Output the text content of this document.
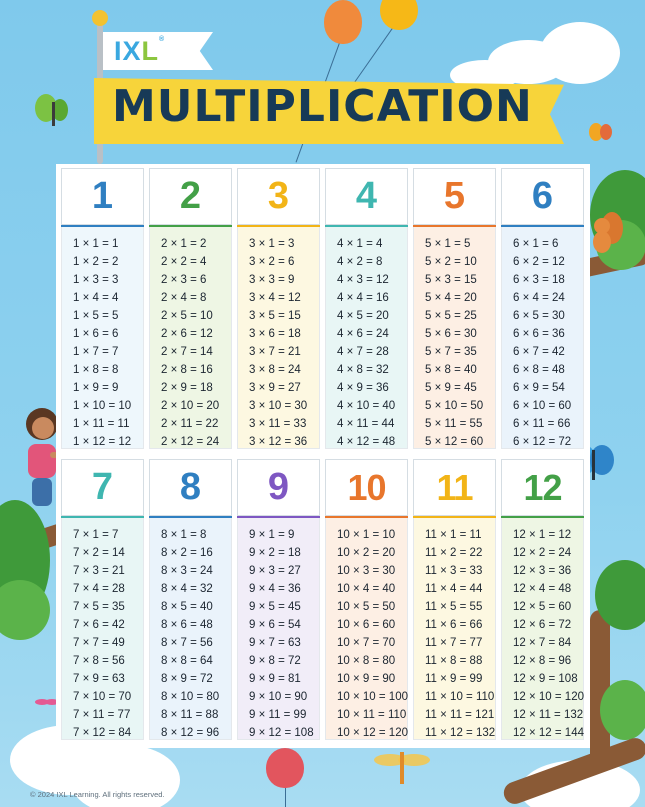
IXL®
MULTIPLICATION
1
1 × 1 = 1
1 × 2 = 2
1 × 3 = 3
1 × 4 = 4
1 × 5 = 5
1 × 6 = 6
1 × 7 = 7
1 × 8 = 8
1 × 9 = 9
1 × 10 = 10
1 × 11 = 11
1 × 12 = 12
2
2 × 1 = 2
2 × 2 = 4
2 × 3 = 6
2 × 4 = 8
2 × 5 = 10
2 × 6 = 12
2 × 7 = 14
2 × 8 = 16
2 × 9 = 18
2 × 10 = 20
2 × 11 = 22
2 × 12 = 24
3
3 × 1 = 3
3 × 2 = 6
3 × 3 = 9
3 × 4 = 12
3 × 5 = 15
3 × 6 = 18
3 × 7 = 21
3 × 8 = 24
3 × 9 = 27
3 × 10 = 30
3 × 11 = 33
3 × 12 = 36
4
4 × 1 = 4
4 × 2 = 8
4 × 3 = 12
4 × 4 = 16
4 × 5 = 20
4 × 6 = 24
4 × 7 = 28
4 × 8 = 32
4 × 9 = 36
4 × 10 = 40
4 × 11 = 44
4 × 12 = 48
5
5 × 1 = 5
5 × 2 = 10
5 × 3 = 15
5 × 4 = 20
5 × 5 = 25
5 × 6 = 30
5 × 7 = 35
5 × 8 = 40
5 × 9 = 45
5 × 10 = 50
5 × 11 = 55
5 × 12 = 60
6
6 × 1 = 6
6 × 2 = 12
6 × 3 = 18
6 × 4 = 24
6 × 5 = 30
6 × 6 = 36
6 × 7 = 42
6 × 8 = 48
6 × 9 = 54
6 × 10 = 60
6 × 11 = 66
6 × 12 = 72
7
7 × 1 = 7
7 × 2 = 14
7 × 3 = 21
7 × 4 = 28
7 × 5 = 35
7 × 6 = 42
7 × 7 = 49
7 × 8 = 56
7 × 9 = 63
7 × 10 = 70
7 × 11 = 77
7 × 12 = 84
8
8 × 1 = 8
8 × 2 = 16
8 × 3 = 24
8 × 4 = 32
8 × 5 = 40
8 × 6 = 48
8 × 7 = 56
8 × 8 = 64
8 × 9 = 72
8 × 10 = 80
8 × 11 = 88
8 × 12 = 96
9
9 × 1 = 9
9 × 2 = 18
9 × 3 = 27
9 × 4 = 36
9 × 5 = 45
9 × 6 = 54
9 × 7 = 63
9 × 8 = 72
9 × 9 = 81
9 × 10 = 90
9 × 11 = 99
9 × 12 = 108
10
10 × 1 = 10
10 × 2 = 20
10 × 3 = 30
10 × 4 = 40
10 × 5 = 50
10 × 6 = 60
10 × 7 = 70
10 × 8 = 80
10 × 9 = 90
10 × 10 = 100
10 × 11 = 110
10 × 12 = 120
11
11 × 1 = 11
11 × 2 = 22
11 × 3 = 33
11 × 4 = 44
11 × 5 = 55
11 × 6 = 66
11 × 7 = 77
11 × 8 = 88
11 × 9 = 99
11 × 10 = 110
11 × 11 = 121
11 × 12 = 132
12
12 × 1 = 12
12 × 2 = 24
12 × 3 = 36
12 × 4 = 48
12 × 5 = 60
12 × 6 = 72
12 × 7 = 84
12 × 8 = 96
12 × 9 = 108
12 × 10 = 120
12 × 11 = 132
12 × 12 = 144
© 2024 IXL Learning. All rights reserved.
